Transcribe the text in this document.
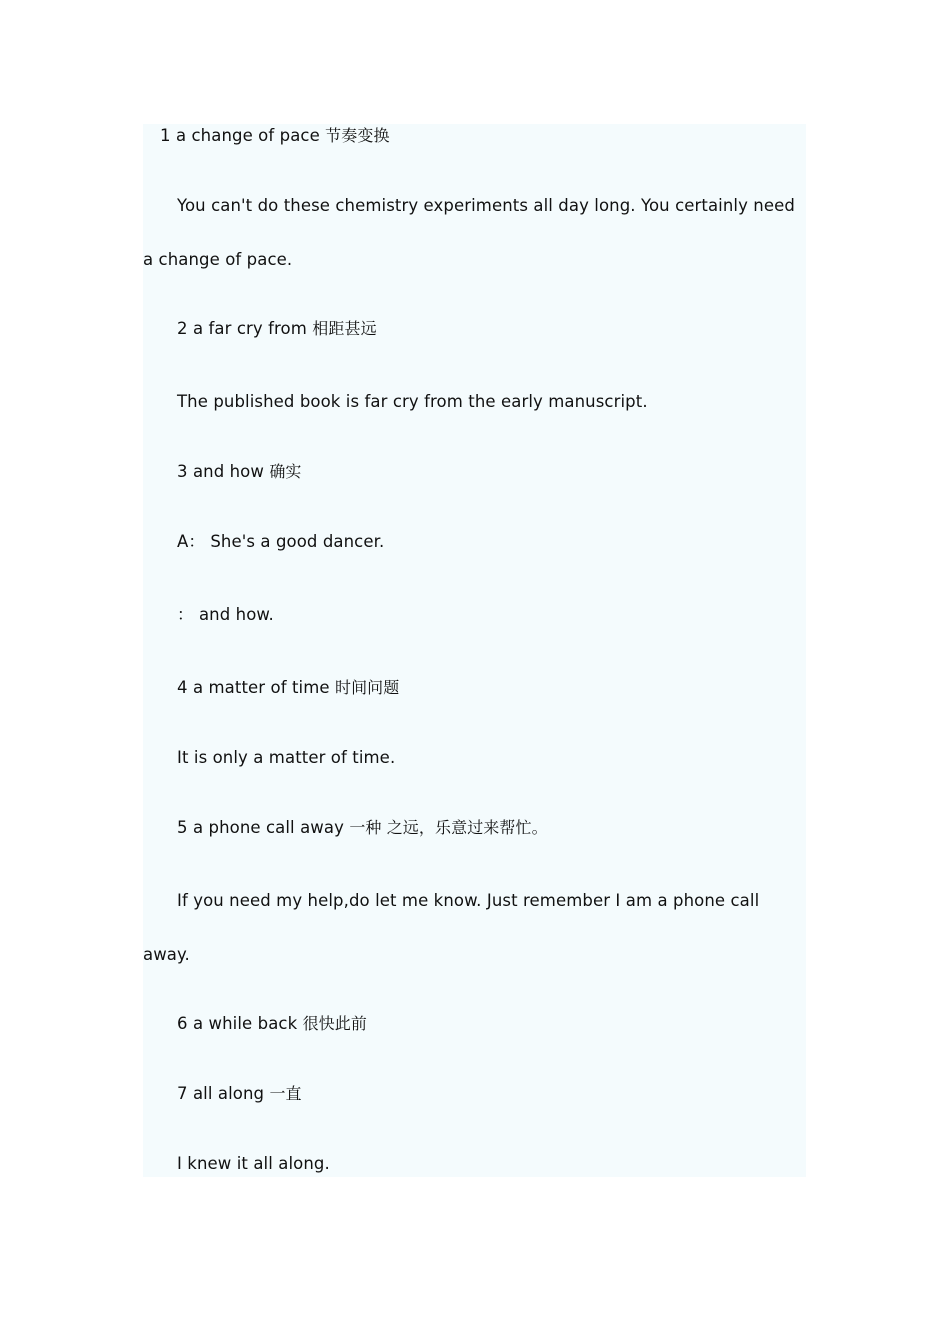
1 a change of pace 节奏变换
You can't do these chemistry experiments all day long. You certainly need
a change of pace.
2 a far cry from 相距甚远
The published book is far cry from the early manuscript.
3 and how 确实
A： She's a good dancer.
： and how.
4 a matter of time 时间问题
It is only a matter of time.
5 a phone call away 一种 之远，乐意过来帮忙。
If you need my help,do let me know. Just remember I am a phone call
away.
6 a while back 很快此前
7 all along 一直
I knew it all along.
